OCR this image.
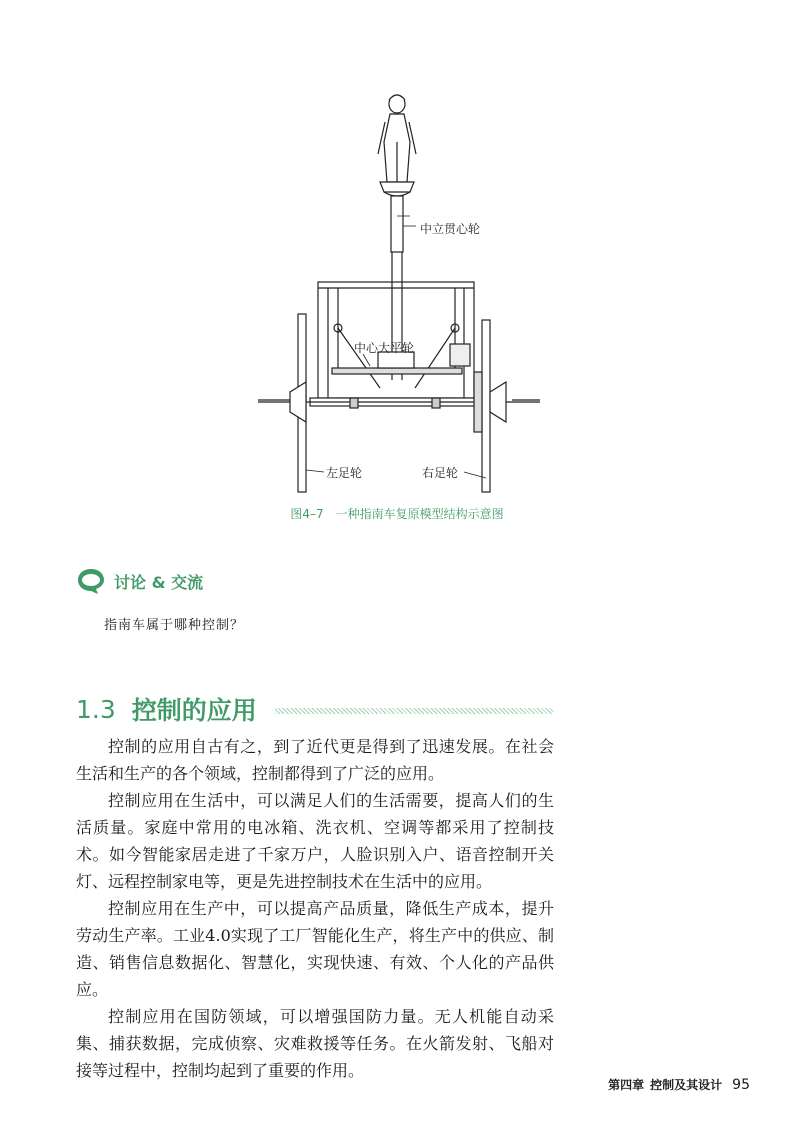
中立贯心轮
中心大平轮
左足轮	右足轮
图4–7　一种指南车复原模型结构示意图
讨论 & 交流
指南车属于哪种控制？
1.3 控制的应用

控制的应用自古有之，到了近代更是得到了迅速发展。在社会生活和生产的各个领域，控制都得到了广泛的应用。

控制应用在生活中，可以满足人们的生活需要，提高人们的生活质量。家庭中常用的电冰箱、洗衣机、空调等都采用了控制技术。如今智能家居走进了千家万户，人脸识别入户、语音控制开关灯、远程控制家电等，更是先进控制技术在生活中的应用。

控制应用在生产中，可以提高产品质量，降低生产成本，提升劳动生产率。工业4.0实现了工厂智能化生产，将生产中的供应、制造、销售信息数据化、智慧化，实现快速、有效、个人化的产品供应。

控制应用在国防领域，可以增强国防力量。无人机能自动采集、捕获数据，完成侦察、灾难救援等任务。在火箭发射、飞船对接等过程中，控制均起到了重要的作用。

第四章 控制及其设计 95
